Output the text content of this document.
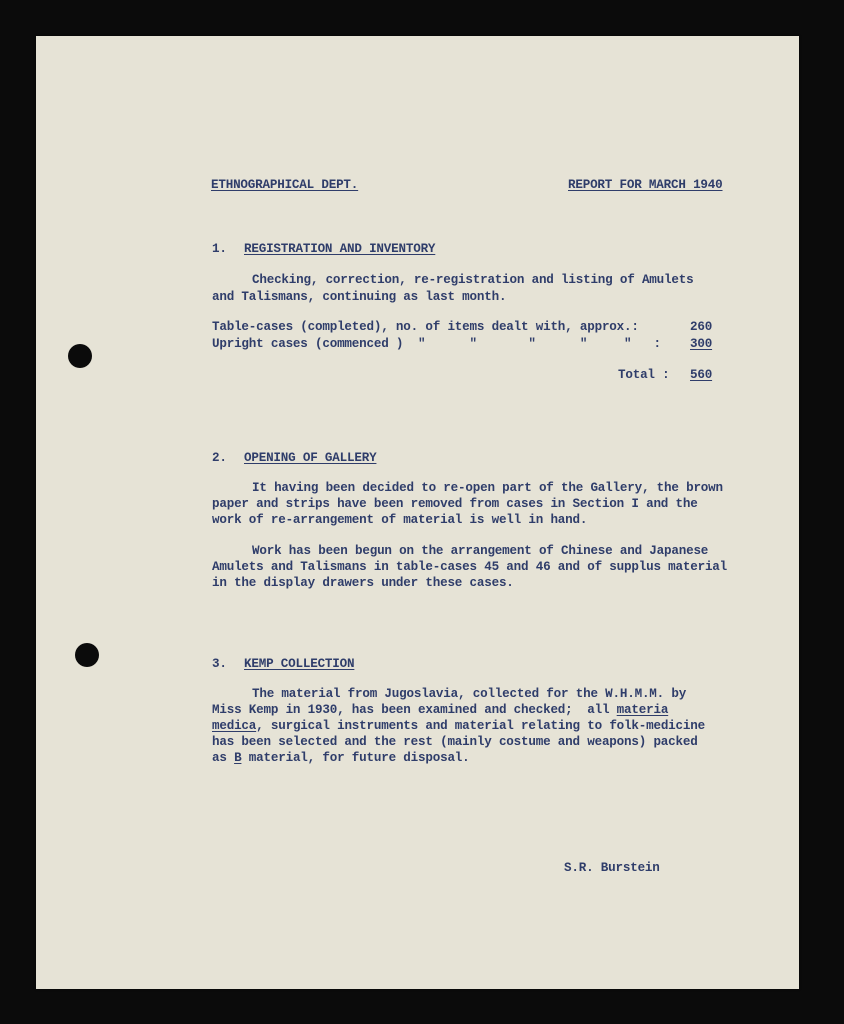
ETHNOGRAPHICAL DEPT.	REPORT FOR MARCH 1940
1. REGISTRATION AND INVENTORY
Checking, correction, re-registration and listing of Amulets
and Talismans, continuing as last month.
Table-cases (completed), no. of items dealt with, approx.:	260
Upright cases (commenced )  "      "       "      "     "   : 300
Total : 560
2. OPENING OF GALLERY
It having been decided to re-open part of the Gallery, the brown
paper and strips have been removed from cases in Section I and the
work of re-arrangement of material is well in hand.
Work has been begun on the arrangement of Chinese and Japanese
Amulets and Talismans in table-cases 45 and 46 and of supplus material
in the display drawers under these cases.
3. KEMP COLLECTION
The material from Jugoslavia, collected for the W.H.M.M. by
Miss Kemp in 1930, has been examined and checked;  all materia
medica, surgical instruments and material relating to folk-medicine
has been selected and the rest (mainly costume and weapons) packed
as B material, for future disposal.
S.R. Burstein
